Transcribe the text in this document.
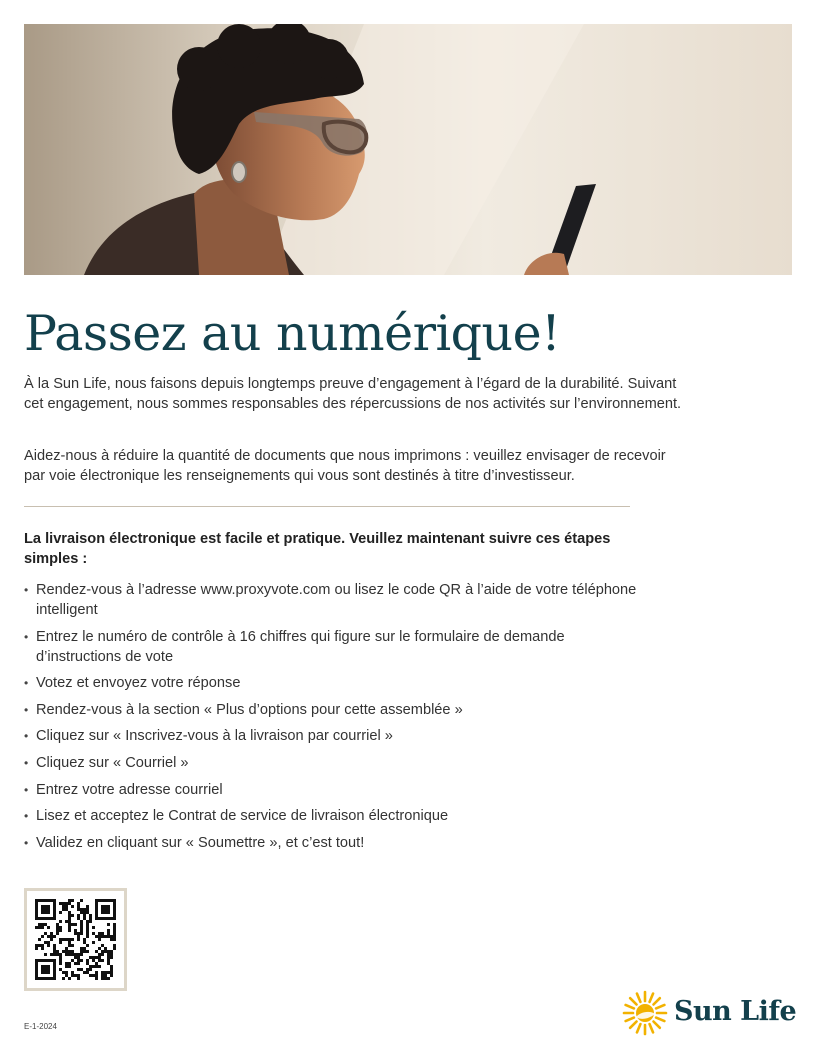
Passez au numérique!

À la Sun Life, nous faisons depuis longtemps preuve d’engagement à l’égard de la durabilité. Suivant cet engagement, nous sommes responsables des répercussions de nos activités sur l’environnement.

Aidez-nous à réduire la quantité de documents que nous imprimons : veuillez envisager de recevoir par voie électronique les renseignements qui vous sont destinés à titre d’investisseur.

La livraison électronique est facile et pratique. Veuillez maintenant suivre ces étapes simples :

• Rendez-vous à l’adresse www.proxyvote.com ou lisez le code QR à l’aide de votre téléphone intelligent
• Entrez le numéro de contrôle à 16 chiffres qui figure sur le formulaire de demande d’instructions de vote
• Votez et envoyez votre réponse
• Rendez-vous à la section « Plus d’options pour cette assemblée »
• Cliquez sur « Inscrivez-vous à la livraison par courriel »
• Cliquez sur « Courriel »
• Entrez votre adresse courriel
• Lisez et acceptez le Contrat de service de livraison électronique
• Validez en cliquant sur « Soumettre », et c’est tout!
E-1-2024	Sun Life
